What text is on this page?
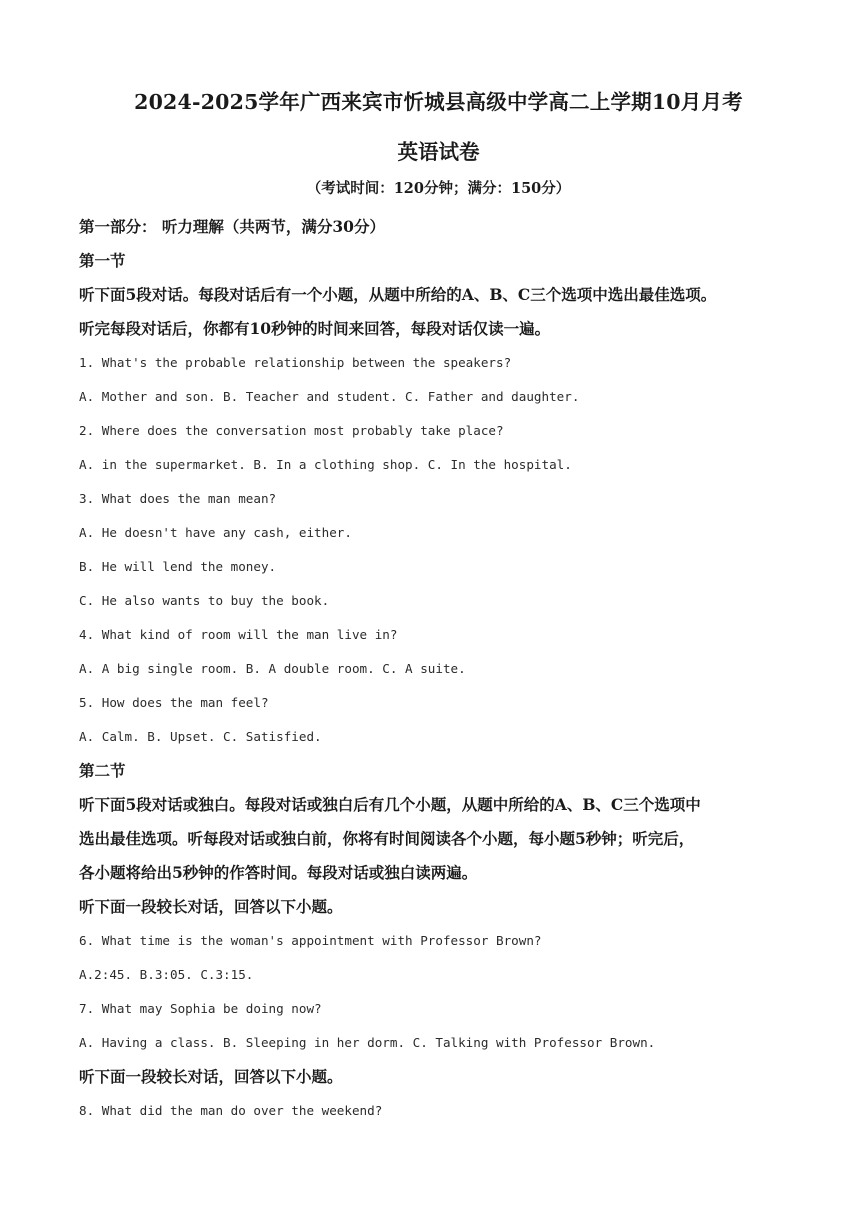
2024-2025学年广西来宾市忻城县高级中学高二上学期10月月考
英语试卷
（考试时间：120分钟；满分：150分）
第一部分： 听力理解（共两节，满分30分）
第一节
听下面5段对话。每段对话后有一个小题，从题中所给的A、B、C三个选项中选出最佳选项。
听完每段对话后，你都有10秒钟的时间来回答，每段对话仅读一遍。
1. What's the probable relationship between the speakers?
A. Mother and son. B. Teacher and student. C. Father and daughter.
2. Where does the conversation most probably take place?
A. in the supermarket. B. In a clothing shop. C. In the hospital.
3. What does the man mean?
A. He doesn't have any cash, either.
B. He will lend the money.
C. He also wants to buy the book.
4. What kind of room will the man live in?
A. A big single room. B. A double room. C. A suite.
5. How does the man feel?
A. Calm. B. Upset. C. Satisfied.
第二节
听下面5段对话或独白。每段对话或独白后有几个小题，从题中所给的A、B、C三个选项中
选出最佳选项。听每段对话或独白前，你将有时间阅读各个小题，每小题5秒钟；听完后，
各小题将给出5秒钟的作答时间。每段对话或独白读两遍。
听下面一段较长对话，回答以下小题。
6. What time is the woman's appointment with Professor Brown?
A.2:45. B.3:05. C.3:15.
7. What may Sophia be doing now?
A. Having a class. B. Sleeping in her dorm. C. Talking with Professor Brown.
听下面一段较长对话，回答以下小题。
8. What did the man do over the weekend?
